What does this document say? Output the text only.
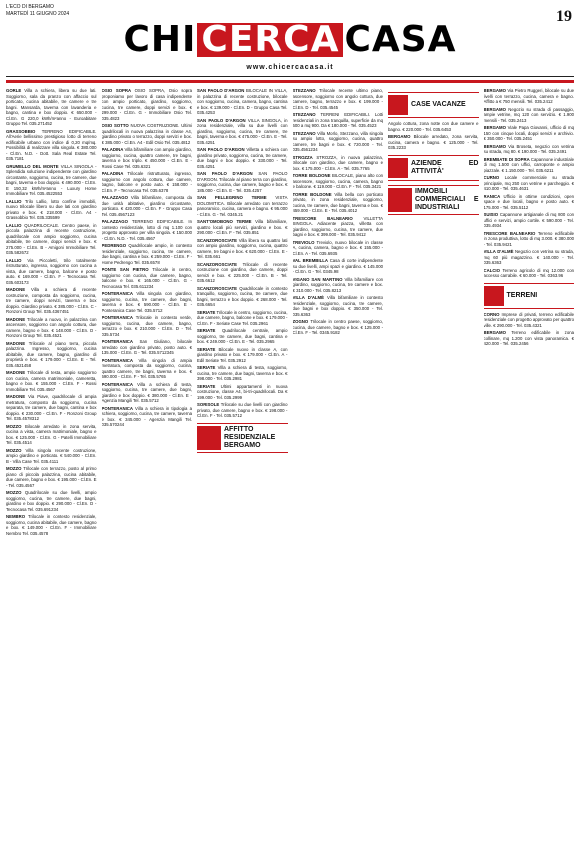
L'ECO DI BERGAMO
MARTEDÌ 11 GIUGNO 2024	19
CHI CERCA CASA
www.chicercacasa.it
GORLE Villa a schiera, libera su due lati. Soggiorno, sala da pranzo con affaccio sul porticato, cucina abitabile, tre camere e tre bagni. Mansarda, taverna con lavanderia e bagno, cantina e box doppio. € 650.000 - Cl.En. G 220,0 kWh/m²anno - Euroabitare Gruppo Tel. 035.271452
GRASSOBBIO TERRENO EDIFICABILE. All'Aerie bellissimo prestigioso lotto di terreno edificabile urbano con indice di 0,20 mq/mq. Possibilità di realizzare villa singola. € 380.000 - Cl.En. N.D. - Dott. Sala Real Estate Tel. 035.7181
GRUMELLO DEL MONTE VILLA SINGOLA - Splendida soluzione indipendente con giardino circostante, soggiorno, cucina, tre camere, due bagni, taverna e box doppio. € 490.000 - Cl.En. E 150,32 kWh/m²anno - Luxury Home Immobiliare Tel. 035.4522553
LALLIO Trilo Lallio, lotto confine immobili, nuovo trilocale libero su due lati con giardino privato e box. € 218.000 - Cl.En. A4 - Grassobbio Tel. 035.335599
LALLIO QUADRILOCALE. Centro paese, in piccola palazzina di recente costruzione, quadrilocale con ampio soggiorno, cucina abitabile, tre camere, doppi servizi e box. € 275.000 - Cl.En. B - Amigoni Immobiliare Tel. 035.582672
LALLIO Via Piccoletti, trilo totalmente ristrutturato, ingresso, soggiorno con cucina a vista, due camere, bagno, balcone e posto auto. € 169.000 - Cl.En. F - Tecnocasa Tel. 035.603173
MADONE Villa a schiera di recente costruzione, composta da soggiorno, cucina, tre camere, doppi servizi, taverna e box doppio. Giardino privato. € 385.000 - Cl.En. C - Ronzoni Group Tel. 035.4367451
MADONE Trilocale a nuovo, in palazzina con ascensore, soggiorno con angolo cottura, due camere, bagno e box. € 148.000 - Cl.En. D - Ronzoni Group Tel. 035.4521
MADONE Trilocale al piano terra, piccola palazzina. Ingresso, soggiorno, cucina abitabile, due camere, bagno, giardino di proprietà e box. € 179.000 - Cl.En. E - Tel. 035.4521458
MADONE Trilocale di testa, ampio soggiorno con cucina, camera matrimoniale, cameretta, bagno e box. € 155.000 - Cl.En. F - Rossi Immobiliare Tel. 035.4567
MADONE Via Piave, quadrilocale di ampia metratura, composto da soggiorno, cucina separata, tre camere, due bagni, cantina e box doppio. € 230.000 - Cl.En. F - Ronzoni Group Tel. 035.4578312
MOZZO Bilocale arredato in zona servita, cucina a vista, camera matrimoniale, bagno e box. € 125.000 - Cl.En. G - Patelli Immobiliare Tel. 035.4514
MOZZO Villa singola recente costruzione, ampio giardino e porticato. € 540.000 - Cl.En. B - Villa Case Tel. 035.4111
MOZZO Trilocale con terrazzo, posto al primo piano di piccola palazzina, cucina abitabile, due camere, bagno e box. € 195.000 - Cl.En. E - Tel. 035.4567
MOZZO Quadrilocale su due livelli, ampio soggiorno, cucina, tre camere, due bagni, giardino e box doppio. € 290.000 - Cl.En. D - Tecnocasa Tel. 035.691234
NEMBRO Trilocale in contesto residenziale, soggiorno, cucina abitabile, due camere, bagno e box. € 149.000 - Cl.En. F - Immobiliare Nembro Tel. 035.4578
OSIO SOPRA OSIO SOPRA, Osio sopra proponiamo per lavoro di casa indipendente con ampio porticato, giardino, soggiorno, cucina, tre camere, doppi servizi e box. € 299.000 - Cl.En. G - Immobiliare Osio Tel. 035.4823
OSIO SOTTO NUOVA COSTRUZIONE. Ultimi quadrilocali in nuova palazzina in classe A4, giardino privato o terrazzo, doppi servizi e box. € 385.000 - Cl.En. A4 - Edil Osio Tel. 035.4812
PALADINA Villa bifamiliare con ampio giardino, soggiorno, cucina, quattro camere, tre bagni, taverna e box triplo. € 450.000 - Cl.En. E - Rossi Case Tel. 035.6321
PALADINA Trilocale ristrutturato, ingresso, soggiorno con angolo cottura, due camere, bagno, balcone e posto auto. € 158.000 - Cl.En. F - Tecnocasa Tel. 035.6378
PALAZZAGO Villa bifamiliare, composta da due unità abitative, giardino circostante, porticato. € 420.000 - Cl.En. F - Gruppo Casa Tel. 035.4567123
PALAZZAGO TERRENO EDIFICABILE. In contesto residenziale, lotto di mq 1.100 con progetto approvato per villa singola. € 150.000 - Cl.En. N.D. - Tel. 035.4567
PEDRENGO Quadrilocale ampio, in contesto residenziale, soggiorno, cucina, tre camere, due bagni, cantina e box. € 259.000 - Cl.En. F - Home Pedrengo Tel. 035.6578
PONTE SAN PIETRO Trilocale in centro, soggiorno con cucina, due camere, bagno, balcone e box. € 165.000 - Cl.En. G - Tecnocasa Tel. 035.611234
PONTERANICA Villa singola con giardino, soggiorno, cucina, tre camere, due bagni, taverna e box. € 590.000 - Cl.En. E - Ponteranica Case Tel. 035.5712
PONTERANICA Trilocale in contesto verde, soggiorno, cucina, due camere, bagno, terrazzo e box. € 210.000 - Cl.En. D - Tel. 035.5734
PONTERANICA San Giuliano, bilocale arredato con giardino privato, posto auto. € 135.000 - Cl.En. G - Tel. 035.5712345
PONTERANICA Villa singola di ampia metratura, composta da soggiorno, cucina, quattro camere, tre bagni, taverna e box. € 690.000 - Cl.En. F - Tel. 035.5765
PONTERANICA Villa a schiera di testa, soggiorno, cucina, tre camere, due bagni, giardino e box doppio. € 380.000 - Cl.En. E - Agenzia Mangili Tel. 035.5712
PONTERANICA Villa a schiera in tipologia a schiera, soggiorno, cucina, tre camere, taverna e box. € 345.000 - Agenzia Mangili Tel. 035.570244
SAN PAOLO D'ARGON BILOCALE IN VILLA, in palazzina di recente costruzione, bilocale con soggiorno, cucina, camera, bagno, cantina e box. € 139.000 - Cl.En. D - Gruppo Casa Tel. 035.4253
SAN PAOLO D'ARGON VILLA SINGOLA, in zona residenziale, villa su due livelli con giardino, soggiorno, cucina, tre camere, tre bagni, taverna e box. € 475.000 - Cl.En. E - Tel. 035.4251
SAN PAOLO D'ARGON Villetta a schiera con giardino privato, soggiorno, cucina, tre camere, due bagni e box doppio. € 330.000 - Tel. 035.4251
SAN PAOLO D'ARGON SAN PAOLO D'ARGON. Trilocale al piano terra con giardino, soggiorno, cucina, due camere, bagno e box. € 185.000 - Cl.En. E - Tel. 035.4257
SAN PELLEGRINO TERME VISTA DOLOMITICA. Bilocale arredato con terrazzo panoramico, cucina, camera e bagno. € 95.000 - Cl.En. G - Tel. 0345.21
SANT'OMOBONO TERME Villa bifamiliare, quattro locali più servizi, giardino e box. € 290.000 - Cl.En. F - Tel. 035.851
SCANZOROSCIATE Villa libera su quattro lati con ampio giardino, soggiorno, cucina, quattro camere, tre bagni e box. € 620.000 - Cl.En. E - Tel. 035.661
SCANZOROSCIATE Trilocale di recente costruzione con giardino, due camere, doppi servizi e box. € 225.000 - Cl.En. B - Tel. 035.6612
SCANZOROSCIATE Quadrilocale in contesto tranquillo, soggiorno, cucina, tre camere, due bagni, terrazzo e box doppio. € 268.000 - Tel. 035.6654
SERIATE Trilocale in centro, soggiorno, cucina, due camere, bagno, balcone e box. € 179.000 - Cl.En. F - Seriate Case Tel. 035.2961
SERIATE Quadrilocale centrale, ampio soggiorno, tre camere, due bagni, cantina e box. € 249.000 - Cl.En. E - Tel. 035.2965
SERIATE Bilocale nuovo in classe A, con giardino privato e box. € 179.000 - Cl.En. A - Edil Seriate Tel. 035.2912
SERIATE Villa a schiera di testa, soggiorno, cucina, tre camere, due bagni, taverna e box. € 398.000 - Tel. 035.2981
SERIATE Ultimi appartamenti in nuova costruzione, classe A4, bi-tri-quadrilocali. Da € 199.000 - Tel. 035.2999
SORISOLE Trilocale su due livelli con giardino privato, due camere, bagno e box. € 198.000 - Cl.En. F - Tel. 035.5712
AFFITTO RESIDENZIALE BERGAMO
STEZZANO Trilocale recente ultimo piano, ascensore, soggiorno con angolo cottura, due camere, bagno, terrazzo e box. € 199.000 - Cl.En. D - Tel. 035.4545
STEZZANO TERRENI EDIFICABILI. Lotti residenziali in zona tranquilla, superficie da mq 600 a mq 900. Da € 180.000 - Tel. 035.4523
STEZZANO Villa Morlo, Stezzano, villa singola su ampio lotto, soggiorno, cucina, quattro camere, tre bagni e box. € 720.000 - Tel. 035.4561234
STROZZA STROZZA, in nuova palazzina, trilocale con giardino, due camere, bagno e box. € 175.000 - Cl.En. A - Tel. 035.7765
TORRE BOLDONE BILOCALE, piano alto con ascensore, soggiorno, cucina, camera, bagno e balcone. € 119.000 - Cl.En. F - Tel. 035.3421
TORRE BOLDONE Villa bella con porticato privato, in zona residenziale, soggiorno, cucina, tre camere, due bagni, taverna e box. € 459.000 - Cl.En. E - Tel. 035.4012
TRESCORE BALNEARIO VILLETTA SINGOLA. Adiacente piazza, villetta con giardino, soggiorno, cucina, tre camere, due bagni e box. € 399.000 - Tel. 035.9412
TREVIOLO Treviolo, nuovo bilocale in classe A, cucina, camera, bagno e box. € 155.000 - Cl.En. A - Tel. 035.6935
VAL BREMBILLA Casa di corte indipendente su due livelli, ampi spazi e giardino. € 145.000 - Cl.En. G - Tel. 0345.98
VIGANO SAN MARTINO Villa bifamiliare con giardino, soggiorno, cucina, tre camere e box. € 310.000 - Tel. 035.8213
VILLA D'ALMÈ Villa bifamiliare in contesto residenziale, soggiorno, cucina, tre camere, due bagni e box doppio. € 350.000 - Tel. 035.6363
ZOGNO Trilocale in centro paese, soggiorno, cucina, due camere, bagno e box. € 125.000 - Cl.En. F - Tel. 0345.9182
CASE VACANZE
Angolo cottura, zona notte con due camere e bagno. € 220.000 - Tel. 035.6453
BERGAMO Bilocale arredato, zona servita, cucina, camera e bagno. € 125.000 - Tel. 035.2233
AZIENDE ED ATTIVITÀ'
IMMOBILI COMMERCIALI E INDUSTRIALI
BERGAMO Via Pietro Ruggeri, bilocale su due livelli con terrazzo, cucina, camera e bagno. Affitto a € 750 mensili. Tel. 035.2412
BERGAMO Negozio su strada di passaggio, ampie vetrine, mq 120 con servizio. € 1.900 mensili - Tel. 035.2413
BERGAMO Viale Papa Giovanni, ufficio di mq 150 con cinque locali, doppi servizi e archivio. € 350.000 - Tel. 035.2451
BERGAMO Via Broseta, negozio con vetrina su strada, mq 80. € 190.000 - Tel. 035.2491
BREMBATE DI SOPRA Capannone industriale di mq 1.500 con uffici, carroponte e ampio piazzale. € 1.150.000 - Tel. 035.6211
CURNO Locale commerciale su strada principale, mq 250 con vetrine e parcheggio. € 410.000 - Tel. 035.4631
RANICA Ufficio in ottime condizioni, open space e due locali, bagno e posto auto. € 175.000 - Tel. 035.5112
SUISIO Capannone artigianale di mq 800 con uffici e servizi, ampio cortile. € 590.000 - Tel. 035.4934
TRESCORE BALNEARIO Terreno edificabile in zona produttiva, lotto di mq 3.000. € 380.000 - Tel. 035.9421
VILLA D'ALMÈ Negozio con vetrina su strada, mq 60 più magazzino. € 140.000 - Tel. 035.6363
CALCIO Terreno agricolo di mq 12.000 con accesso carrabile. € 60.000 - Tel. 0363.96
TERRENI
CORNO Imprese di privati, terreno edificabile residenziale con progetto approvato per quattro ville. € 290.000 - Tel. 035.4321
BERGAMO Terreno edificabile in zona collinare, mq 1.200 con vista panoramica. € 420.000 - Tel. 035.2456
